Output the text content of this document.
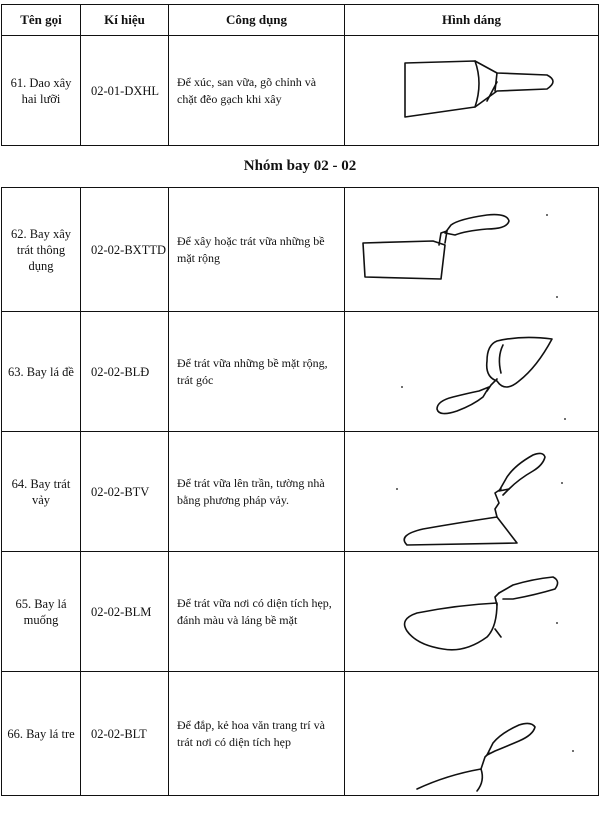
Tên gọi	Kí hiệu	Công dụng	Hình dáng
61. Dao xây hai lưỡi	02-01-DXHL	Để xúc, san vữa, gõ chỉnh và chặt đẽo gạch khi xây	
Nhóm bay 02 - 02
62. Bay xây trát thông dụng	02-02-BXTTD	Để xây hoặc trát vữa những bề mặt rộng	

63. Bay lá đề	02-02-BLĐ	Để trát vữa những bề mặt rộng, trát góc	

64. Bay trát vảy	02-02-BTV	Để trát vữa lên trần, tường nhà bằng phương pháp vảy.	

65. Bay lá muống	02-02-BLM	Để trát vữa nơi có diện tích hẹp, đánh màu và láng bề mặt	

66. Bay lá tre	02-02-BLT	Để đắp, kẻ hoa văn trang trí và trát nơi có diện tích hẹp	
